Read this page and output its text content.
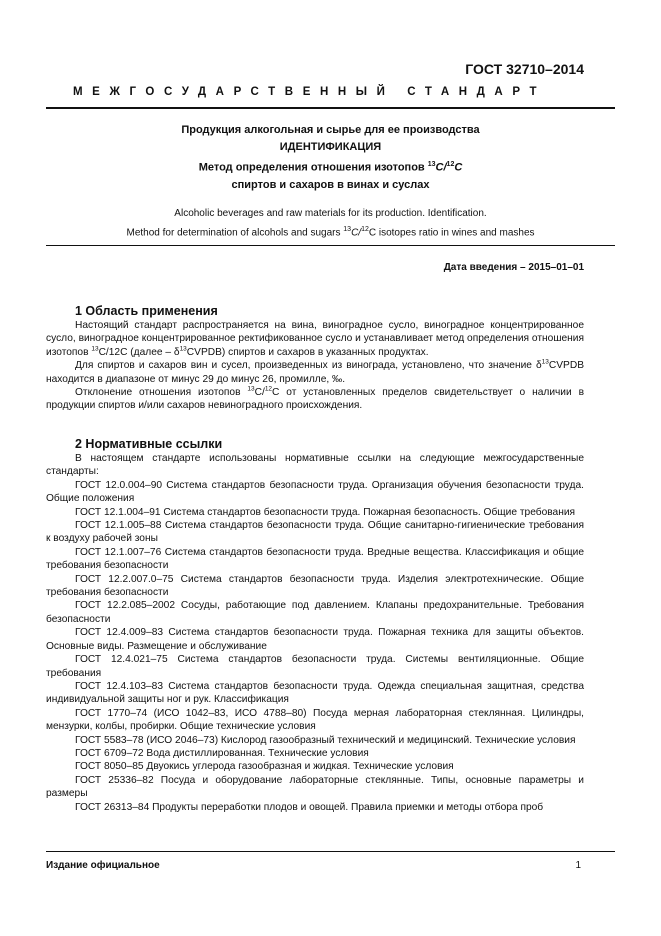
ГОСТ 32710–2014
МЕЖГОСУДАРСТВЕННЫЙ СТАНДАРТ
Продукция алкогольная и сырье для ее производства
ИДЕНТИФИКАЦИЯ
Метод определения отношения изотопов $^{13}$C/$^{12}$C
спиртов и сахаров в винах и суслах
Alcoholic beverages and raw materials for its production. Identification.
Method for determination of alcohols and sugars $^{13}$C/$^{12}$C isotopes ratio in wines and mashes
Дата введения – 2015–01–01
1 Область применения

Настоящий стандарт распространяется на вина, виноградное сусло, виноградное концентрированное сусло, виноградное концентрированное ректификованное сусло и устанавливает метод определения отношения изотопов $^{13}$C/12C (далее – $\delta^{13}CVPDB$) спиртов и сахаров в указанных продуктах.

Для спиртов и сахаров вин и сусел, произведенных из винограда, установлено, что значение $\delta^{13}CVPDB$ находится в диапазоне от минус 29 до минус 26, промилле, ‰.

Отклонение отношения изотопов $^{13}$C/$^{12}$C от установленных пределов свидетельствует о наличии в продукции спиртов и/или сахаров невиноградного происхождения.

2 Нормативные ссылки

В настоящем стандарте использованы нормативные ссылки на следующие межгосударственные стандарты:

ГОСТ 12.0.004–90 Система стандартов безопасности труда. Организация обучения безопасности труда. Общие положения

ГОСТ 12.1.004–91 Система стандартов безопасности труда. Пожарная безопасность. Общие требования

ГОСТ 12.1.005–88 Система стандартов безопасности труда. Общие санитарно-гигиенические требования к воздуху рабочей зоны

ГОСТ 12.1.007–76 Система стандартов безопасности труда. Вредные вещества. Классификация и общие требования безопасности

ГОСТ 12.2.007.0–75 Система стандартов безопасности труда. Изделия электротехнические. Общие требования безопасности

ГОСТ 12.2.085–2002 Сосуды, работающие под давлением. Клапаны предохранительные. Требования безопасности

ГОСТ 12.4.009–83 Система стандартов безопасности труда. Пожарная техника для защиты объектов. Основные виды. Размещение и обслуживание

ГОСТ 12.4.021–75 Система стандартов безопасности труда. Системы вентиляционные. Общие требования

ГОСТ 12.4.103–83 Система стандартов безопасности труда. Одежда специальная защитная, средства индивидуальной защиты ног и рук. Классификация

ГОСТ 1770–74 (ИСО 1042–83, ИСО 4788–80) Посуда мерная лабораторная стеклянная. Цилиндры, мензурки, колбы, пробирки. Общие технические условия

ГОСТ 5583–78 (ИСО 2046–73) Кислород газообразный технический и медицинский. Технические условия

ГОСТ 6709–72 Вода дистиллированная. Технические условия

ГОСТ 8050–85 Двуокись углерода газообразная и жидкая. Технические условия

ГОСТ 25336–82 Посуда и оборудование лабораторные стеклянные. Типы, основные параметры и размеры

ГОСТ 26313–84 Продукты переработки плодов и овощей. Правила приемки и методы отбора проб

Издание официальное	1
